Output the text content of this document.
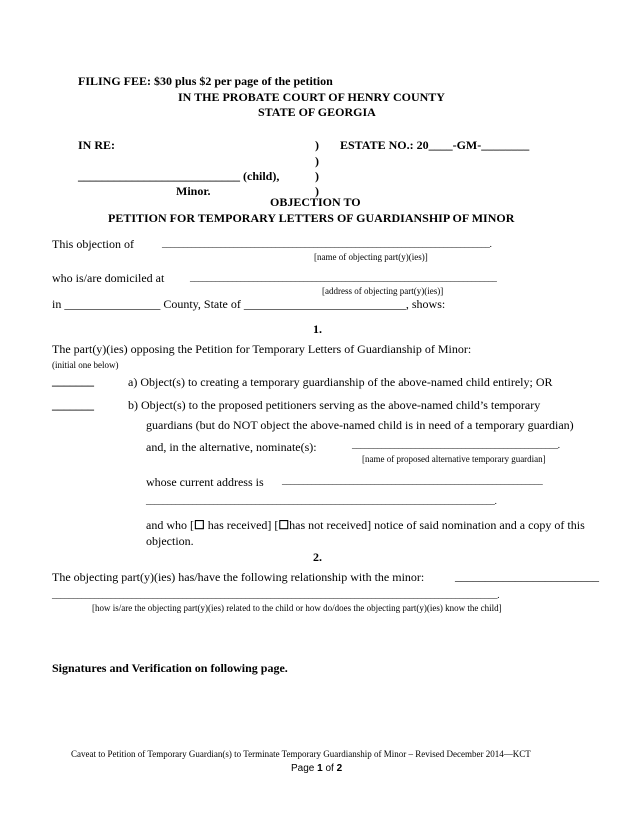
FILING FEE: $30 plus $2 per page of the petition
IN THE PROBATE COURT OF HENRY COUNTY
STATE OF GEORGIA
IN RE:	) ESTATE NO.: 20____-GM-________
)
___________________________ (child),	)
Minor.	)
OBJECTION TO
PETITION FOR TEMPORARY LETTERS OF GUARDIANSHIP OF MINOR
This objection of	______________________________________________________________________________.
[name of objecting part(y)(ies)]
who is/are domiciled at	_________________________________________________________________________
[address of objecting part(y)(ies)]
in ________________ County, State of ___________________________, shows:
1.
The part(y)(ies) opposing the Petition for Temporary Letters of Guardianship of Minor:
(initial one below)
_______	a) Object(s) to creating a temporary guardianship of the above-named child entirely; OR
_______	b) Object(s) to the proposed petitioners serving as the above-named child’s temporary
guardians (but do NOT object the above-named child is in need of a temporary guardian)
and, in the alternative, nominate(s):	_________________________________________________.
[name of proposed alternative temporary guardian]
whose current address is ______________________________________________________________
___________________________________________________________________________________.
and who [☐ has received] [☐has not received] notice of said nomination and a copy of this
objection.
2.
The objecting part(y)(ies) has/have the following relationship with the minor:	________________________
__________________________________________________________________________________________________________.
[how is/are the objecting part(y)(ies) related to the child or how do/does the objecting part(y)(ies) know the child]
Signatures and Verification on following page.
Caveat to Petition of Temporary Guardian(s) to Terminate Temporary Guardianship of Minor – Revised December 2014—KCT
Page 1 of 2
